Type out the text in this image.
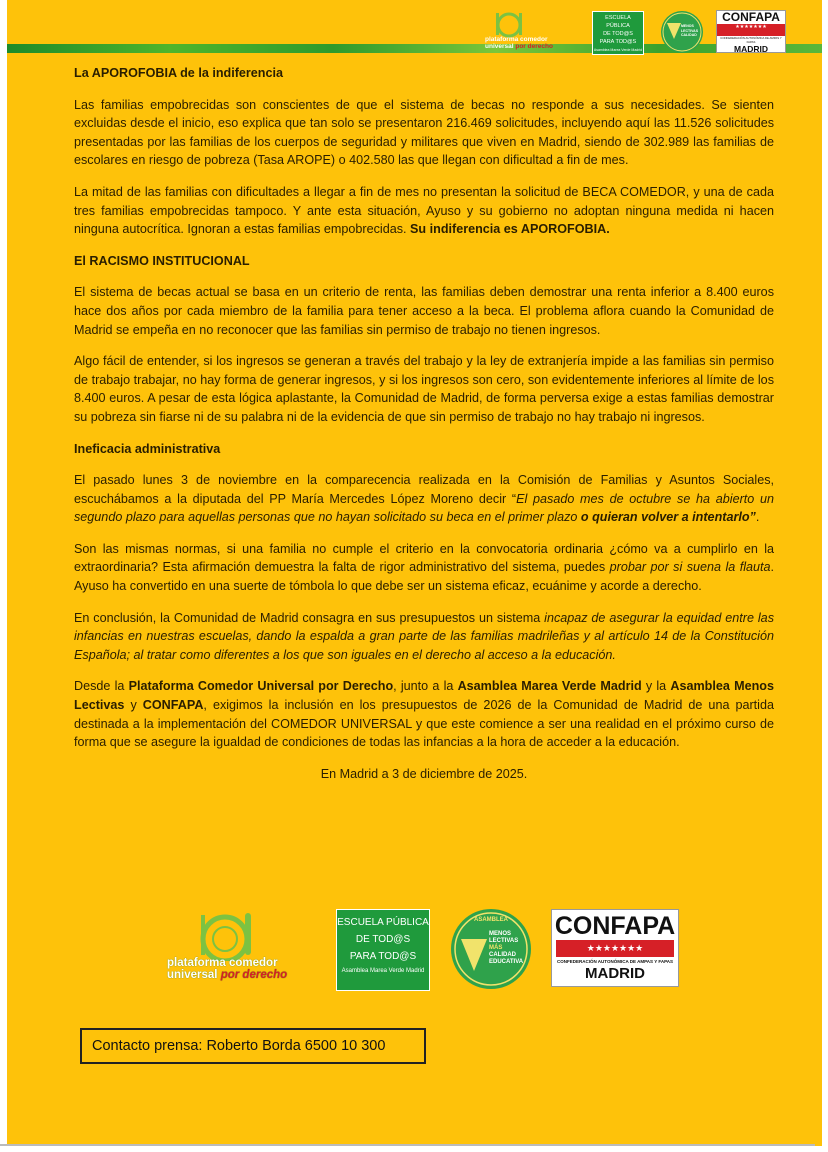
plataforma comedor
universal por derecho
ESCUELA PÚBLICA
DE TOD@S
PARA TOD@S
Asamblea Marea Verde Madrid
MENOS
LECTIVAS
CALIDAD
CONFAPA
★★★★★★★
CONFEDERACIÓN AUTONÓMICA DE AMPAS Y FAPAS
MADRID
La APOROFOBIA de la indiferencia

Las familias empobrecidas son conscientes de que el sistema de becas no responde a sus necesidades. Se sienten excluidas desde el inicio, eso explica que tan solo se presentaron 216.469 solicitudes, incluyendo aquí las 11.526 solicitudes presentadas por las familias de los cuerpos de seguridad y militares que viven en Madrid, siendo de 302.989 las familias de escolares en riesgo de pobreza (Tasa AROPE) o 402.580 las que llegan con dificultad a fin de mes.

La mitad de las familias con dificultades a llegar a fin de mes no presentan la solicitud de BECA COMEDOR, y una de cada tres familias empobrecidas tampoco. Y ante esta situación, Ayuso y su gobierno no adoptan ninguna medida ni hacen ninguna autocrítica. Ignoran a estas familias empobrecidas. Su indiferencia es APOROFOBIA.

El RACISMO INSTITUCIONAL

El sistema de becas actual se basa en un criterio de renta, las familias deben demostrar una renta inferior a 8.400 euros hace dos años por cada miembro de la familia para tener acceso a la beca. El problema aflora cuando la Comunidad de Madrid se empeña en no reconocer que las familias sin permiso de trabajo no tienen ingresos.

Algo fácil de entender, si los ingresos se generan a través del trabajo y la ley de extranjería impide a las familias sin permiso de trabajo trabajar, no hay forma de generar ingresos, y si los ingresos son cero, son evidentemente inferiores al límite de los 8.400 euros. A pesar de esta lógica aplastante, la Comunidad de Madrid, de forma perversa exige a estas familias demostrar su pobreza sin fiarse ni de su palabra ni de la evidencia de que sin permiso de trabajo no hay trabajo ni ingresos.

Ineficacia administrativa

El pasado lunes 3 de noviembre en la comparecencia realizada en la Comisión de Familias y Asuntos Sociales, escuchábamos a la diputada del PP María Mercedes López Moreno decir “El pasado mes de octubre se ha abierto un segundo plazo para aquellas personas que no hayan solicitado su beca en el primer plazo o quieran volver a intentarlo”.

Son las mismas normas, si una familia no cumple el criterio en la convocatoria ordinaria ¿cómo va a cumplirlo en la extraordinaria? Esta afirmación demuestra la falta de rigor administrativo del sistema, puedes probar por si suena la flauta. Ayuso ha convertido en una suerte de tómbola lo que debe ser un sistema eficaz, ecuánime y acorde a derecho.

En conclusión, la Comunidad de Madrid consagra en sus presupuestos un sistema incapaz de asegurar la equidad entre las infancias en nuestras escuelas, dando la espalda a gran parte de las familias madrileñas y al artículo 14 de la Constitución Española; al tratar como diferentes a los que son iguales en el derecho al acceso a la educación.

Desde la Plataforma Comedor Universal por Derecho, junto a la Asamblea Marea Verde Madrid y la Asamblea Menos Lectivas y CONFAPA, exigimos la inclusión en los presupuestos de 2026 de la Comunidad de Madrid de una partida destinada a la implementación del COMEDOR UNIVERSAL y que este comience a ser una realidad en el próximo curso de forma que se asegure la igualdad de condiciones de todas las infancias a la hora de acceder a la educación.

En Madrid a 3 de diciembre de 2025.

plataforma comedor
universal por derecho
ESCUELA PÚBLICA
DE TOD@S
PARA TOD@S
Asamblea Marea Verde Madrid
ASAMBLEA
MENOS
LECTIVAS
MÁS
CALIDAD
EDUCATIVA
CONFAPA
★★★★★★★
CONFEDERACIÓN AUTONÓMICA DE AMPAS Y FAPAS
MADRID
Contacto prensa: Roberto Borda 6500 10 300
